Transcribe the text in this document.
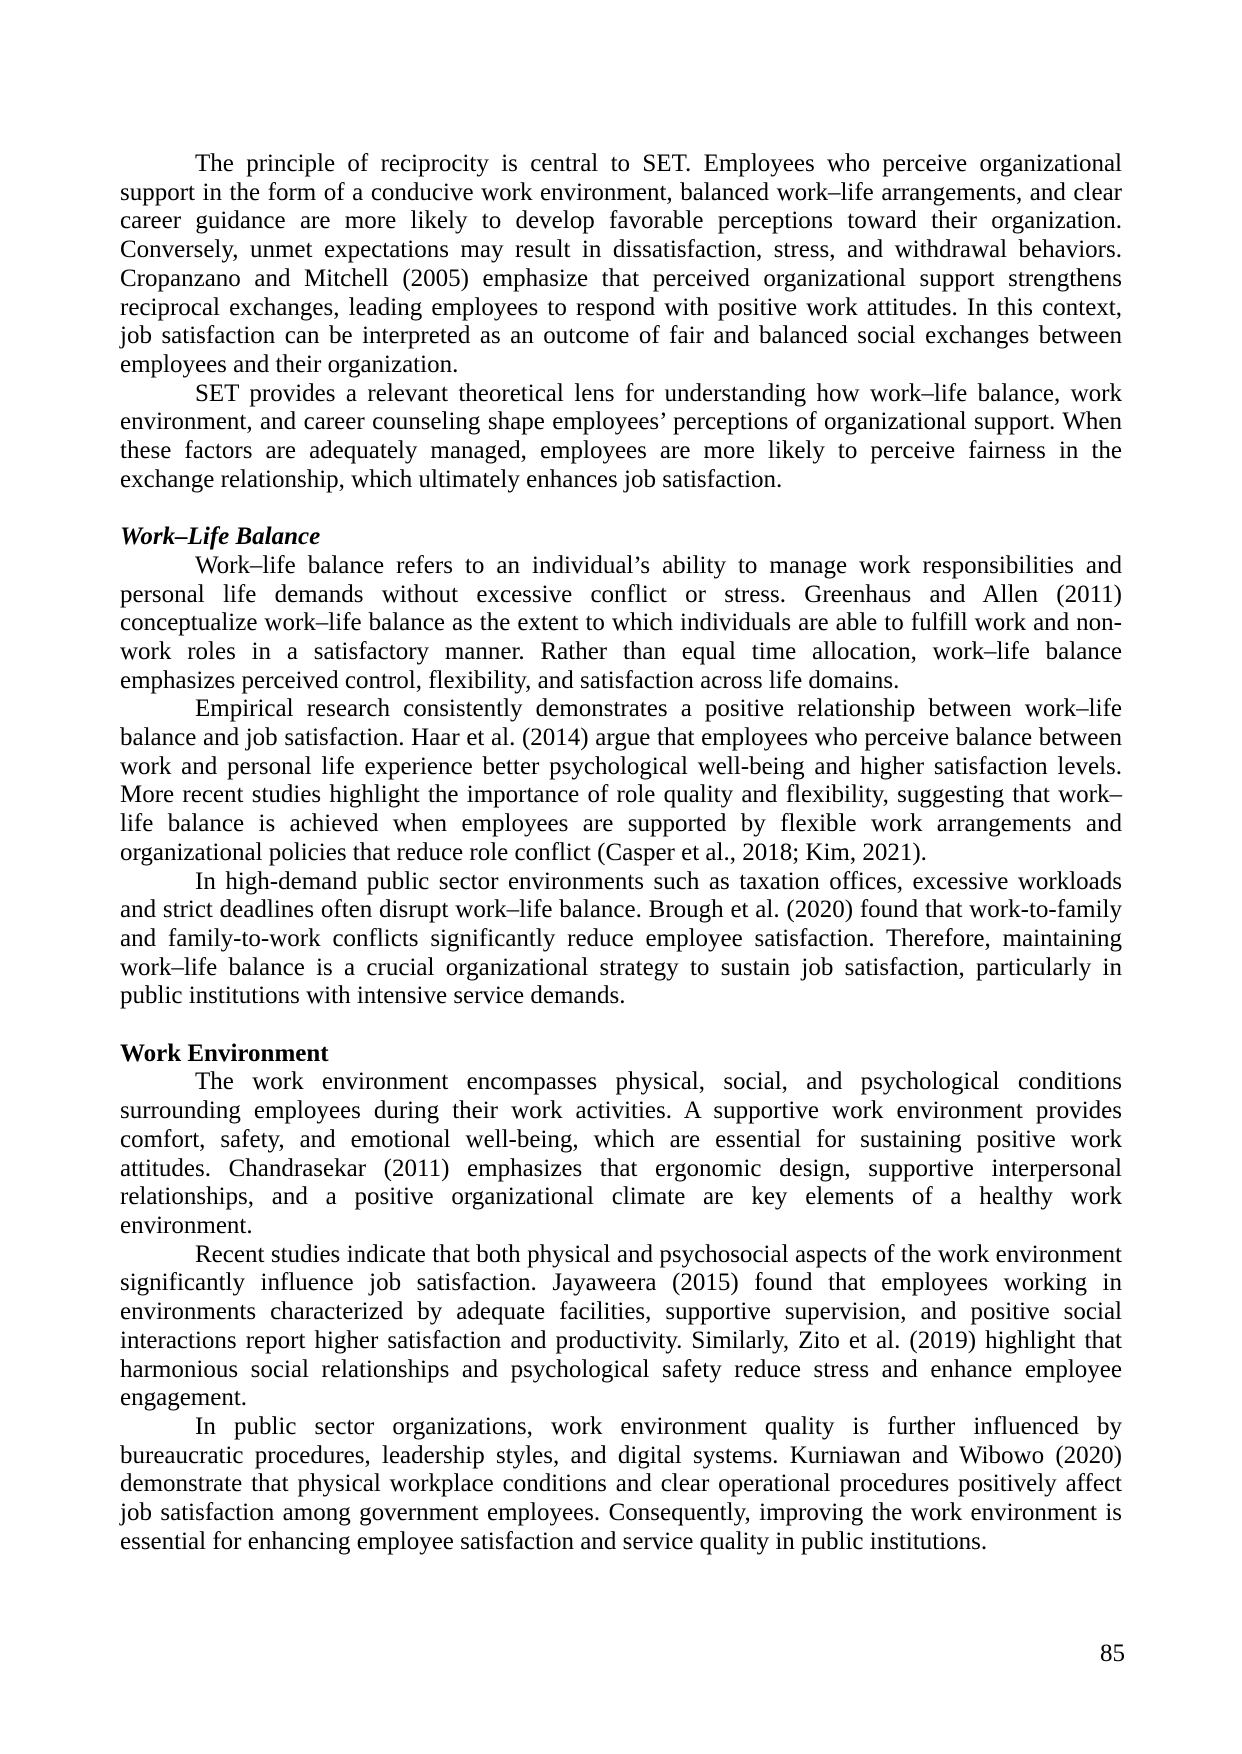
The principle of reciprocity is central to SET. Employees who perceive organizational support in the form of a conducive work environment, balanced work–life arrangements, and clear career guidance are more likely to develop favorable perceptions toward their organization. Conversely, unmet expectations may result in dissatisfaction, stress, and withdrawal behaviors. Cropanzano and Mitchell (2005) emphasize that perceived organizational support strengthens reciprocal exchanges, leading employees to respond with positive work attitudes. In this context, job satisfaction can be interpreted as an outcome of fair and balanced social exchanges between employees and their organization.

SET provides a relevant theoretical lens for understanding how work–life balance, work environment, and career counseling shape employees’ perceptions of organizational support. When these factors are adequately managed, employees are more likely to perceive fairness in the exchange relationship, which ultimately enhances job satisfaction.

Work–Life Balance

Work–life balance refers to an individual’s ability to manage work responsibilities and personal life demands without excessive conflict or stress. Greenhaus and Allen (2011) conceptualize work–life balance as the extent to which individuals are able to fulfill work and non-work roles in a satisfactory manner. Rather than equal time allocation, work–life balance emphasizes perceived control, flexibility, and satisfaction across life domains.

Empirical research consistently demonstrates a positive relationship between work–life balance and job satisfaction. Haar et al. (2014) argue that employees who perceive balance between work and personal life experience better psychological well-being and higher satisfaction levels. More recent studies highlight the importance of role quality and flexibility, suggesting that work–life balance is achieved when employees are supported by flexible work arrangements and organizational policies that reduce role conflict (Casper et al., 2018; Kim, 2021).

In high-demand public sector environments such as taxation offices, excessive workloads and strict deadlines often disrupt work–life balance. Brough et al. (2020) found that work-to-family and family-to-work conflicts significantly reduce employee satisfaction. Therefore, maintaining work–life balance is a crucial organizational strategy to sustain job satisfaction, particularly in public institutions with intensive service demands.

Work Environment

The work environment encompasses physical, social, and psychological conditions surrounding employees during their work activities. A supportive work environment provides comfort, safety, and emotional well-being, which are essential for sustaining positive work attitudes. Chandrasekar (2011) emphasizes that ergonomic design, supportive interpersonal relationships, and a positive organizational climate are key elements of a healthy work environment.

Recent studies indicate that both physical and psychosocial aspects of the work environment significantly influence job satisfaction. Jayaweera (2015) found that employees working in environments characterized by adequate facilities, supportive supervision, and positive social interactions report higher satisfaction and productivity. Similarly, Zito et al. (2019) highlight that harmonious social relationships and psychological safety reduce stress and enhance employee engagement.

In public sector organizations, work environment quality is further influenced by bureaucratic procedures, leadership styles, and digital systems. Kurniawan and Wibowo (2020) demonstrate that physical workplace conditions and clear operational procedures positively affect job satisfaction among government employees. Consequently, improving the work environment is essential for enhancing employee satisfaction and service quality in public institutions.

85
